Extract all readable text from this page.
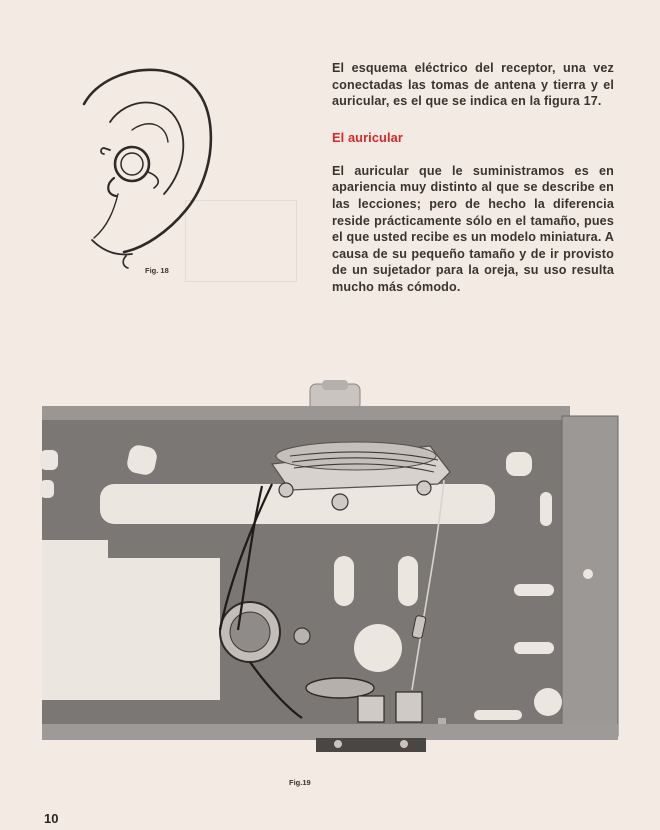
Fig. 18

El esquema eléctrico del receptor, una vez conectadas las tomas de antena y tierra y el auricular, es el que se indica en la figura 17.

El auricular

El auricular que le suministramos es en apariencia muy distinto al que se describe en las lecciones; pero de hecho la diferencia reside prácticamente sólo en el tamaño, pues el que usted recibe es un modelo miniatura. A causa de su pequeño tamaño y de ir provisto de un sujetador para la oreja, su uso resulta mucho más cómodo.

Fig.19
10
